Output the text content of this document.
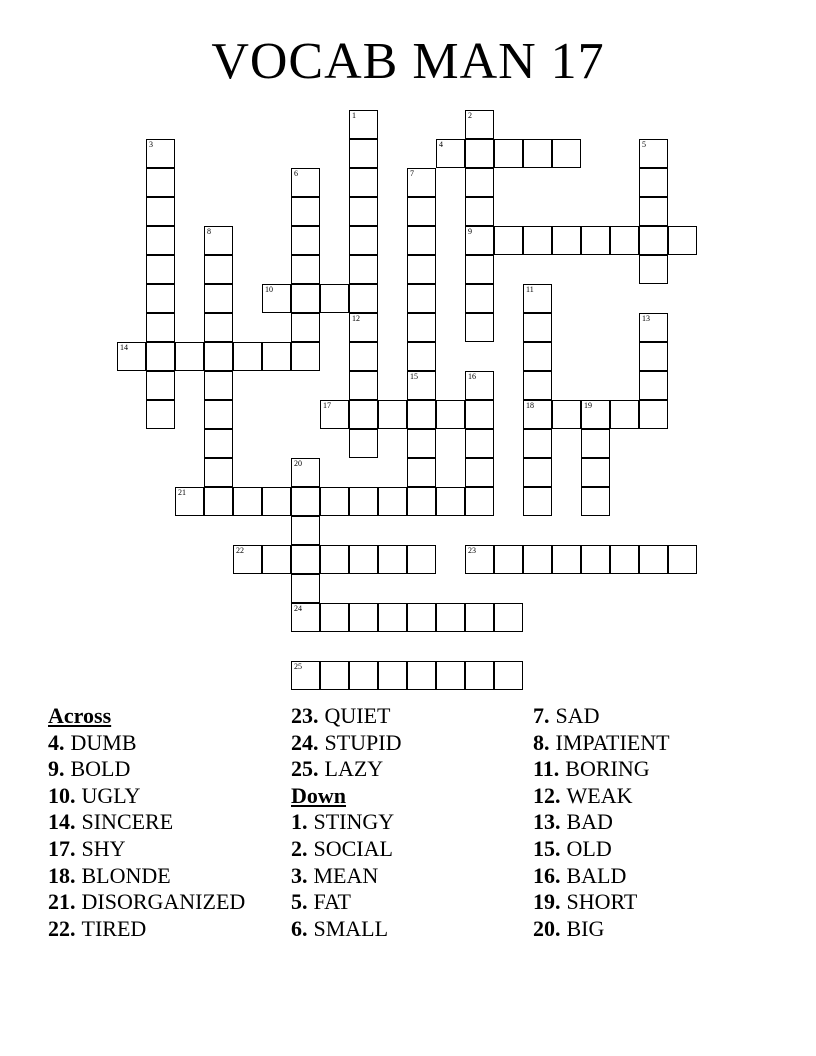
VOCAB MAN 17
1	2
9
3	4	5
6	7
8
10	11
18
12	13
14
15	16
17	19
20
21
22	23
24
25
Across
4. DUMB
9. BOLD
10. UGLY
14. SINCERE
17. SHY
18. BLONDE
21. DISORGANIZED
22. TIRED
23. QUIET
24. STUPID
25. LAZY
Down
1. STINGY
2. SOCIAL
3. MEAN
5. FAT
6. SMALL
7. SAD
8. IMPATIENT
11. BORING
12. WEAK
13. BAD
15. OLD
16. BALD
19. SHORT
20. BIG
